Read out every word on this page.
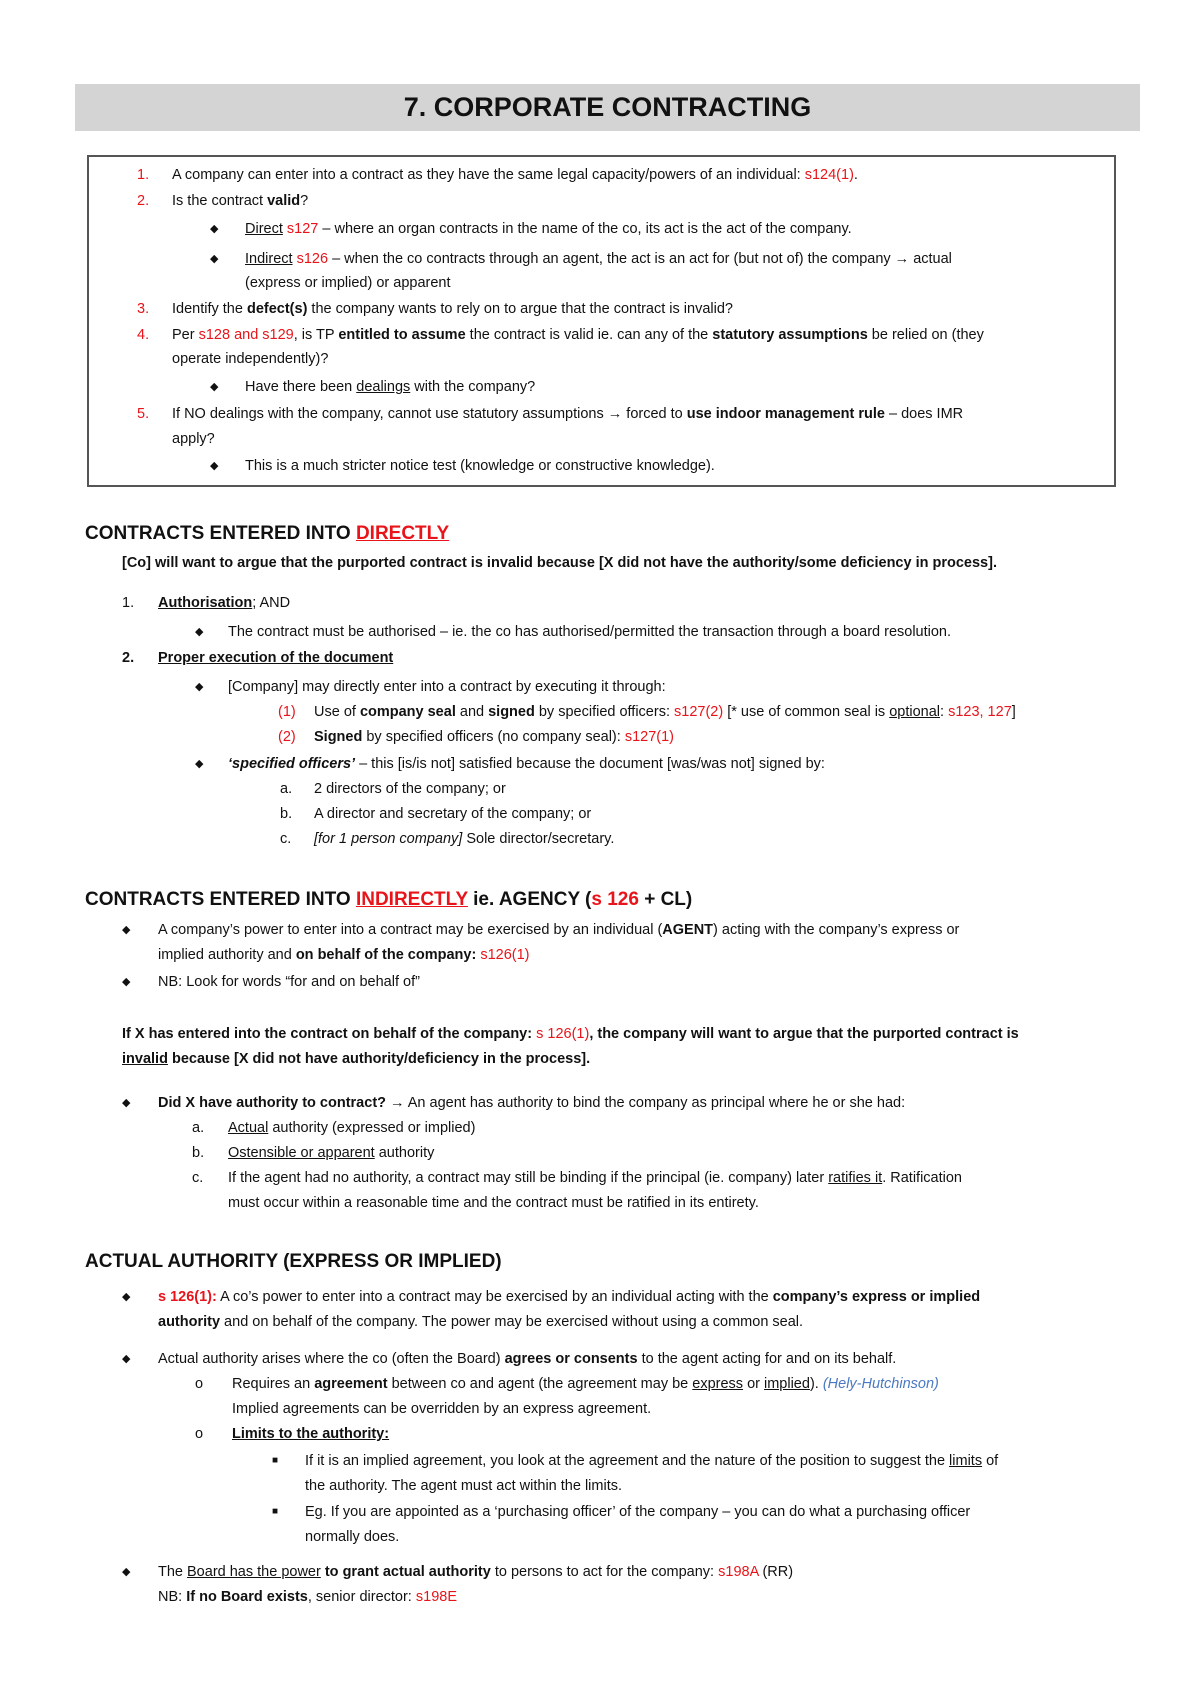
7. CORPORATE CONTRACTING
1. A company can enter into a contract as they have the same legal capacity/powers of an individual: s124(1).
2. Is the contract valid?
◆ Direct s127 – where an organ contracts in the name of the co, its act is the act of the company.
◆ Indirect s126 – when the co contracts through an agent, the act is an act for (but not of) the company → actual
(express or implied) or apparent
3. Identify the defect(s) the company wants to rely on to argue that the contract is invalid?
4. Per s128 and s129, is TP entitled to assume the contract is valid ie. can any of the statutory assumptions be relied on (they
operate independently)?
◆ Have there been dealings with the company?
5. If NO dealings with the company, cannot use statutory assumptions → forced to use indoor management rule – does IMR
apply?
◆ This is a much stricter notice test (knowledge or constructive knowledge).
CONTRACTS ENTERED INTO DIRECTLY
[Co] will want to argue that the purported contract is invalid because [X did not have the authority/some deficiency in process].
1. Authorisation; AND
◆ The contract must be authorised – ie. the co has authorised/permitted the transaction through a board resolution.
2. Proper execution of the document
◆ [Company] may directly enter into a contract by executing it through:
(1) Use of company seal and signed by specified officers: s127(2) [* use of common seal is optional: s123, 127]
(2) Signed by specified officers (no company seal): s127(1)
◆ ‘specified officers’ – this [is/is not] satisfied because the document [was/was not] signed by:
a. 2 directors of the company; or
b. A director and secretary of the company; or
c. [for 1 person company] Sole director/secretary.
CONTRACTS ENTERED INTO INDIRECTLY ie. AGENCY (s 126 + CL)
◆ A company’s power to enter into a contract may be exercised by an individual (AGENT) acting with the company’s express or
implied authority and on behalf of the company: s126(1)
◆ NB: Look for words “for and on behalf of”
If X has entered into the contract on behalf of the company: s 126(1), the company will want to argue that the purported contract is
invalid because [X did not have authority/deficiency in the process].
◆ Did X have authority to contract? → An agent has authority to bind the company as principal where he or she had:
a. Actual authority (expressed or implied)
b. Ostensible or apparent authority
c. If the agent had no authority, a contract may still be binding if the principal (ie. company) later ratifies it. Ratification
must occur within a reasonable time and the contract must be ratified in its entirety.
ACTUAL AUTHORITY (EXPRESS OR IMPLIED)
◆ s 126(1): A co’s power to enter into a contract may be exercised by an individual acting with the company’s express or implied
authority and on behalf of the company. The power may be exercised without using a common seal.
◆ Actual authority arises where the co (often the Board) agrees or consents to the agent acting for and on its behalf.
o Requires an agreement between co and agent (the agreement may be express or implied). (Hely-Hutchinson)
Implied agreements can be overridden by an express agreement.
o Limits to the authority:
■ If it is an implied agreement, you look at the agreement and the nature of the position to suggest the limits of
the authority. The agent must act within the limits.
■ Eg. If you are appointed as a ‘purchasing officer’ of the company – you can do what a purchasing officer
normally does.
◆ The Board has the power to grant actual authority to persons to act for the company: s198A (RR)
NB: If no Board exists, senior director: s198E
